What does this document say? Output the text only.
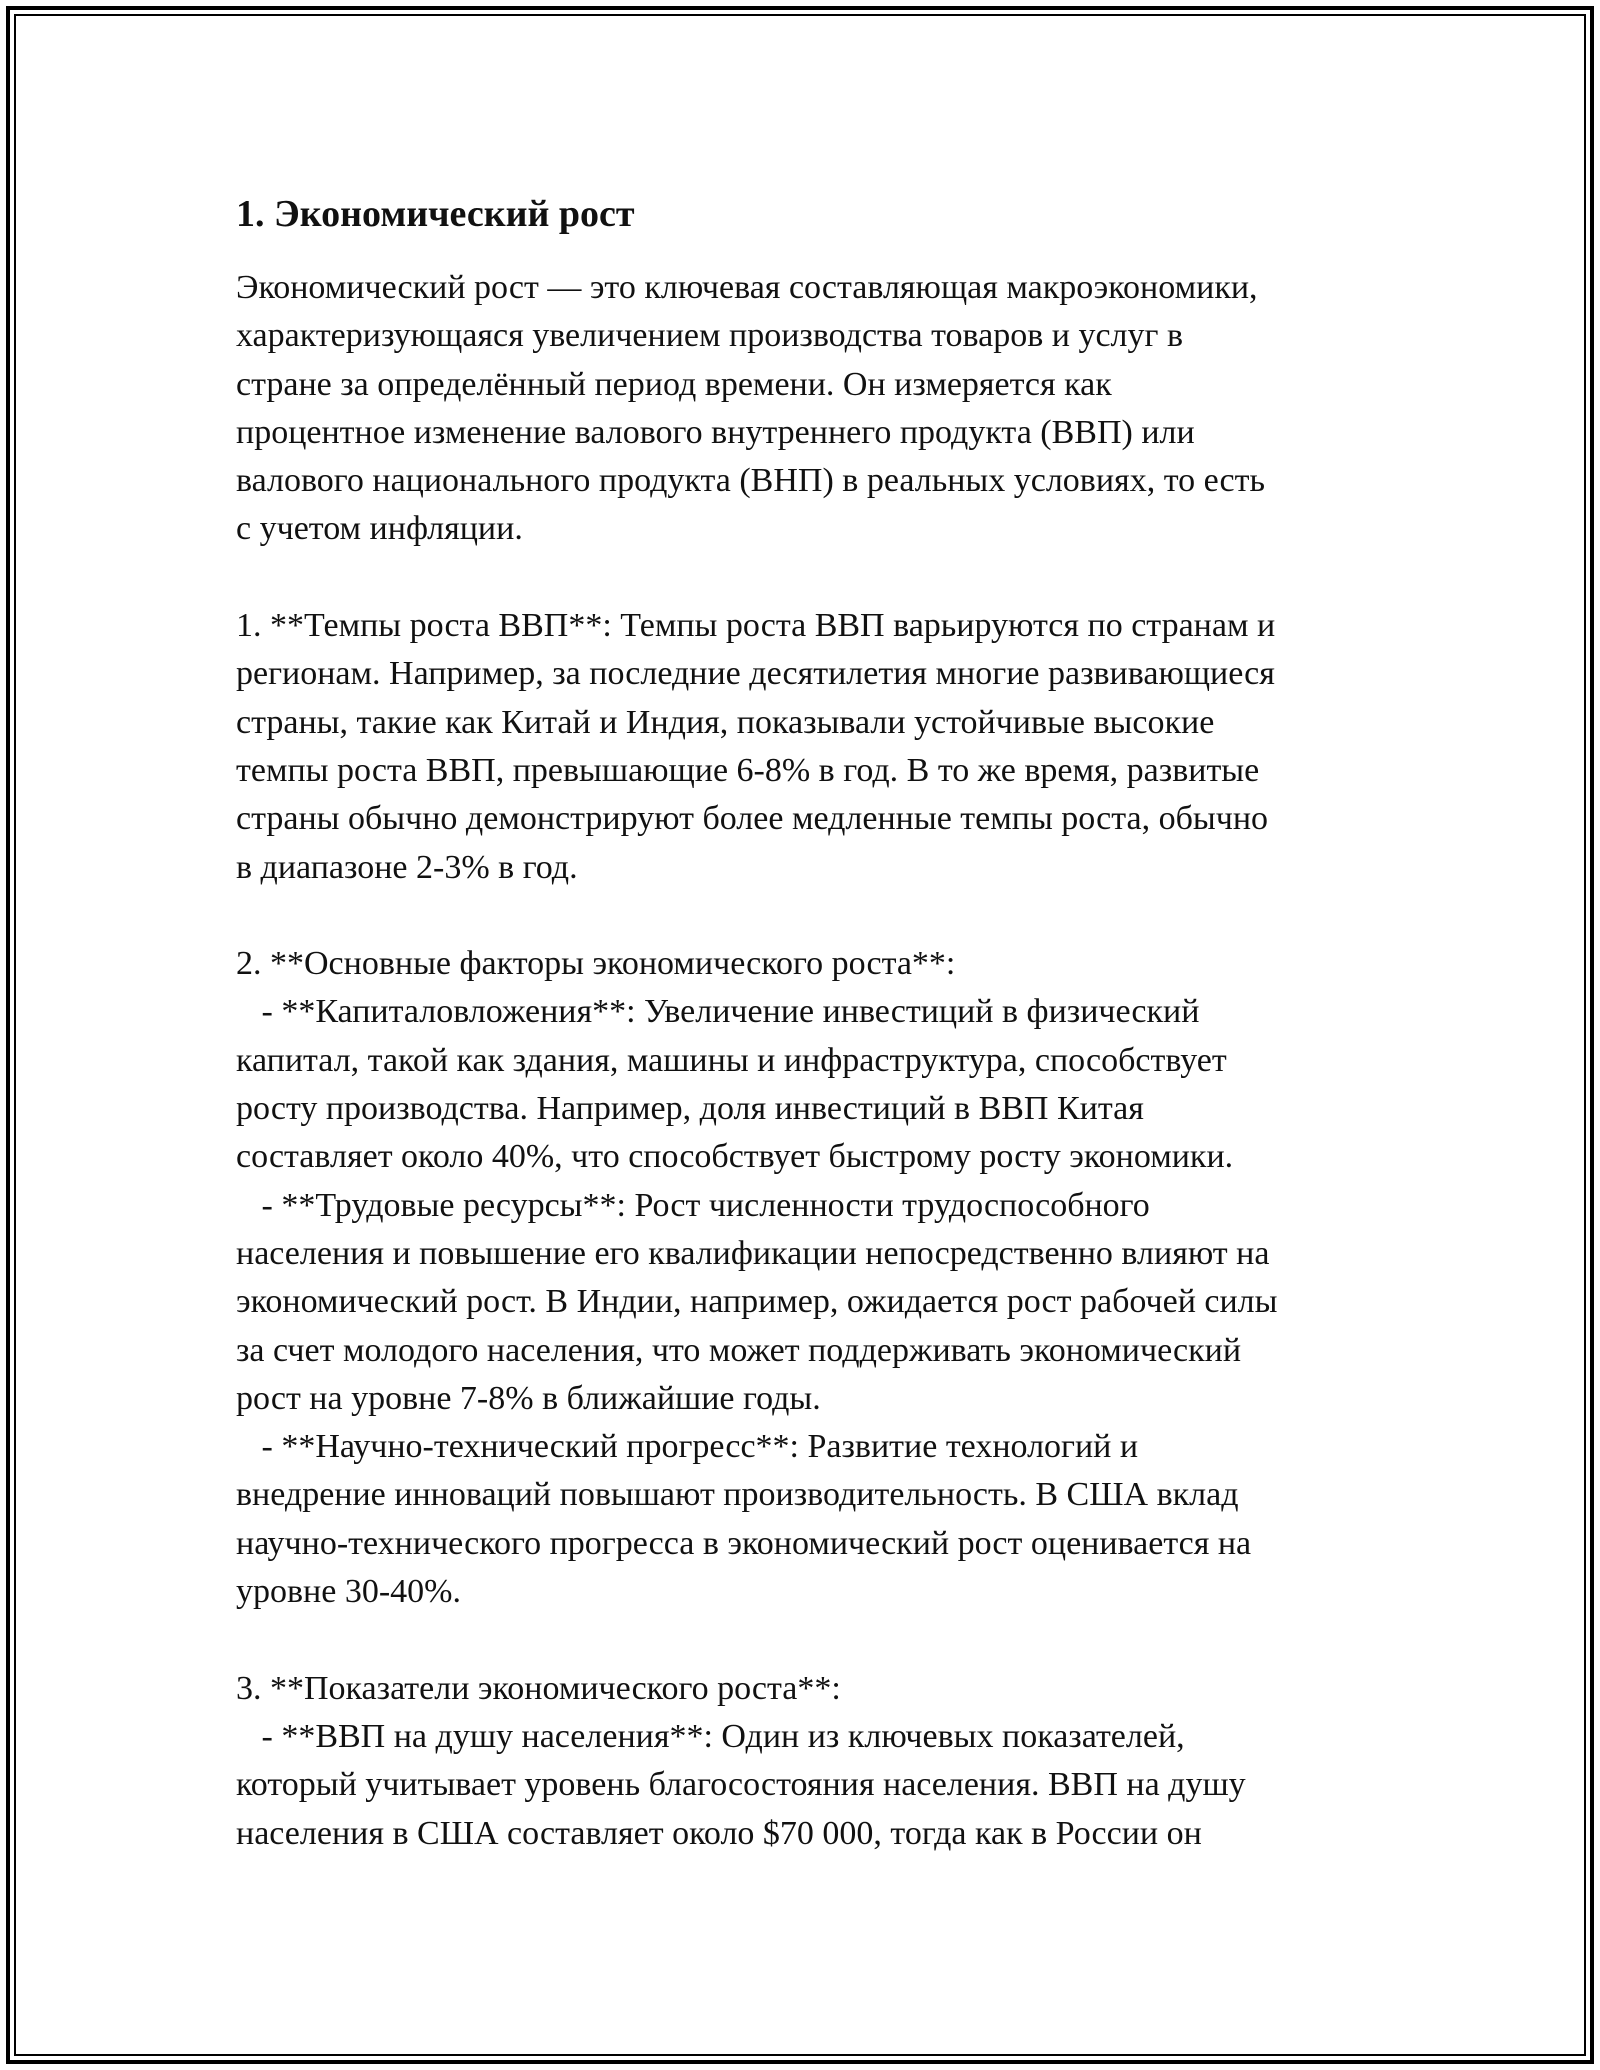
1. Экономический рост
Экономический рост — это ключевая составляющая макроэкономики,
характеризующаяся увеличением производства товаров и услуг в
стране за определённый период времени. Он измеряется как
процентное изменение валового внутреннего продукта (ВВП) или
валового национального продукта (ВНП) в реальных условиях, то есть
с учетом инфляции.
1. **Темпы роста ВВП**: Темпы роста ВВП варьируются по странам и
регионам. Например, за последние десятилетия многие развивающиеся
страны, такие как Китай и Индия, показывали устойчивые высокие
темпы роста ВВП, превышающие 6-8% в год. В то же время, развитые
страны обычно демонстрируют более медленные темпы роста, обычно
в диапазоне 2-3% в год.
2. **Основные факторы экономического роста**:
- **Капиталовложения**: Увеличение инвестиций в физический
капитал, такой как здания, машины и инфраструктура, способствует
росту производства. Например, доля инвестиций в ВВП Китая
составляет около 40%, что способствует быстрому росту экономики.
- **Трудовые ресурсы**: Рост численности трудоспособного
населения и повышение его квалификации непосредственно влияют на
экономический рост. В Индии, например, ожидается рост рабочей силы
за счет молодого населения, что может поддерживать экономический
рост на уровне 7-8% в ближайшие годы.
- **Научно-технический прогресс**: Развитие технологий и
внедрение инноваций повышают производительность. В США вклад
научно-технического прогресса в экономический рост оценивается на
уровне 30-40%.
3. **Показатели экономического роста**:
- **ВВП на душу населения**: Один из ключевых показателей,
который учитывает уровень благосостояния населения. ВВП на душу
населения в США составляет около $70 000, тогда как в России он
